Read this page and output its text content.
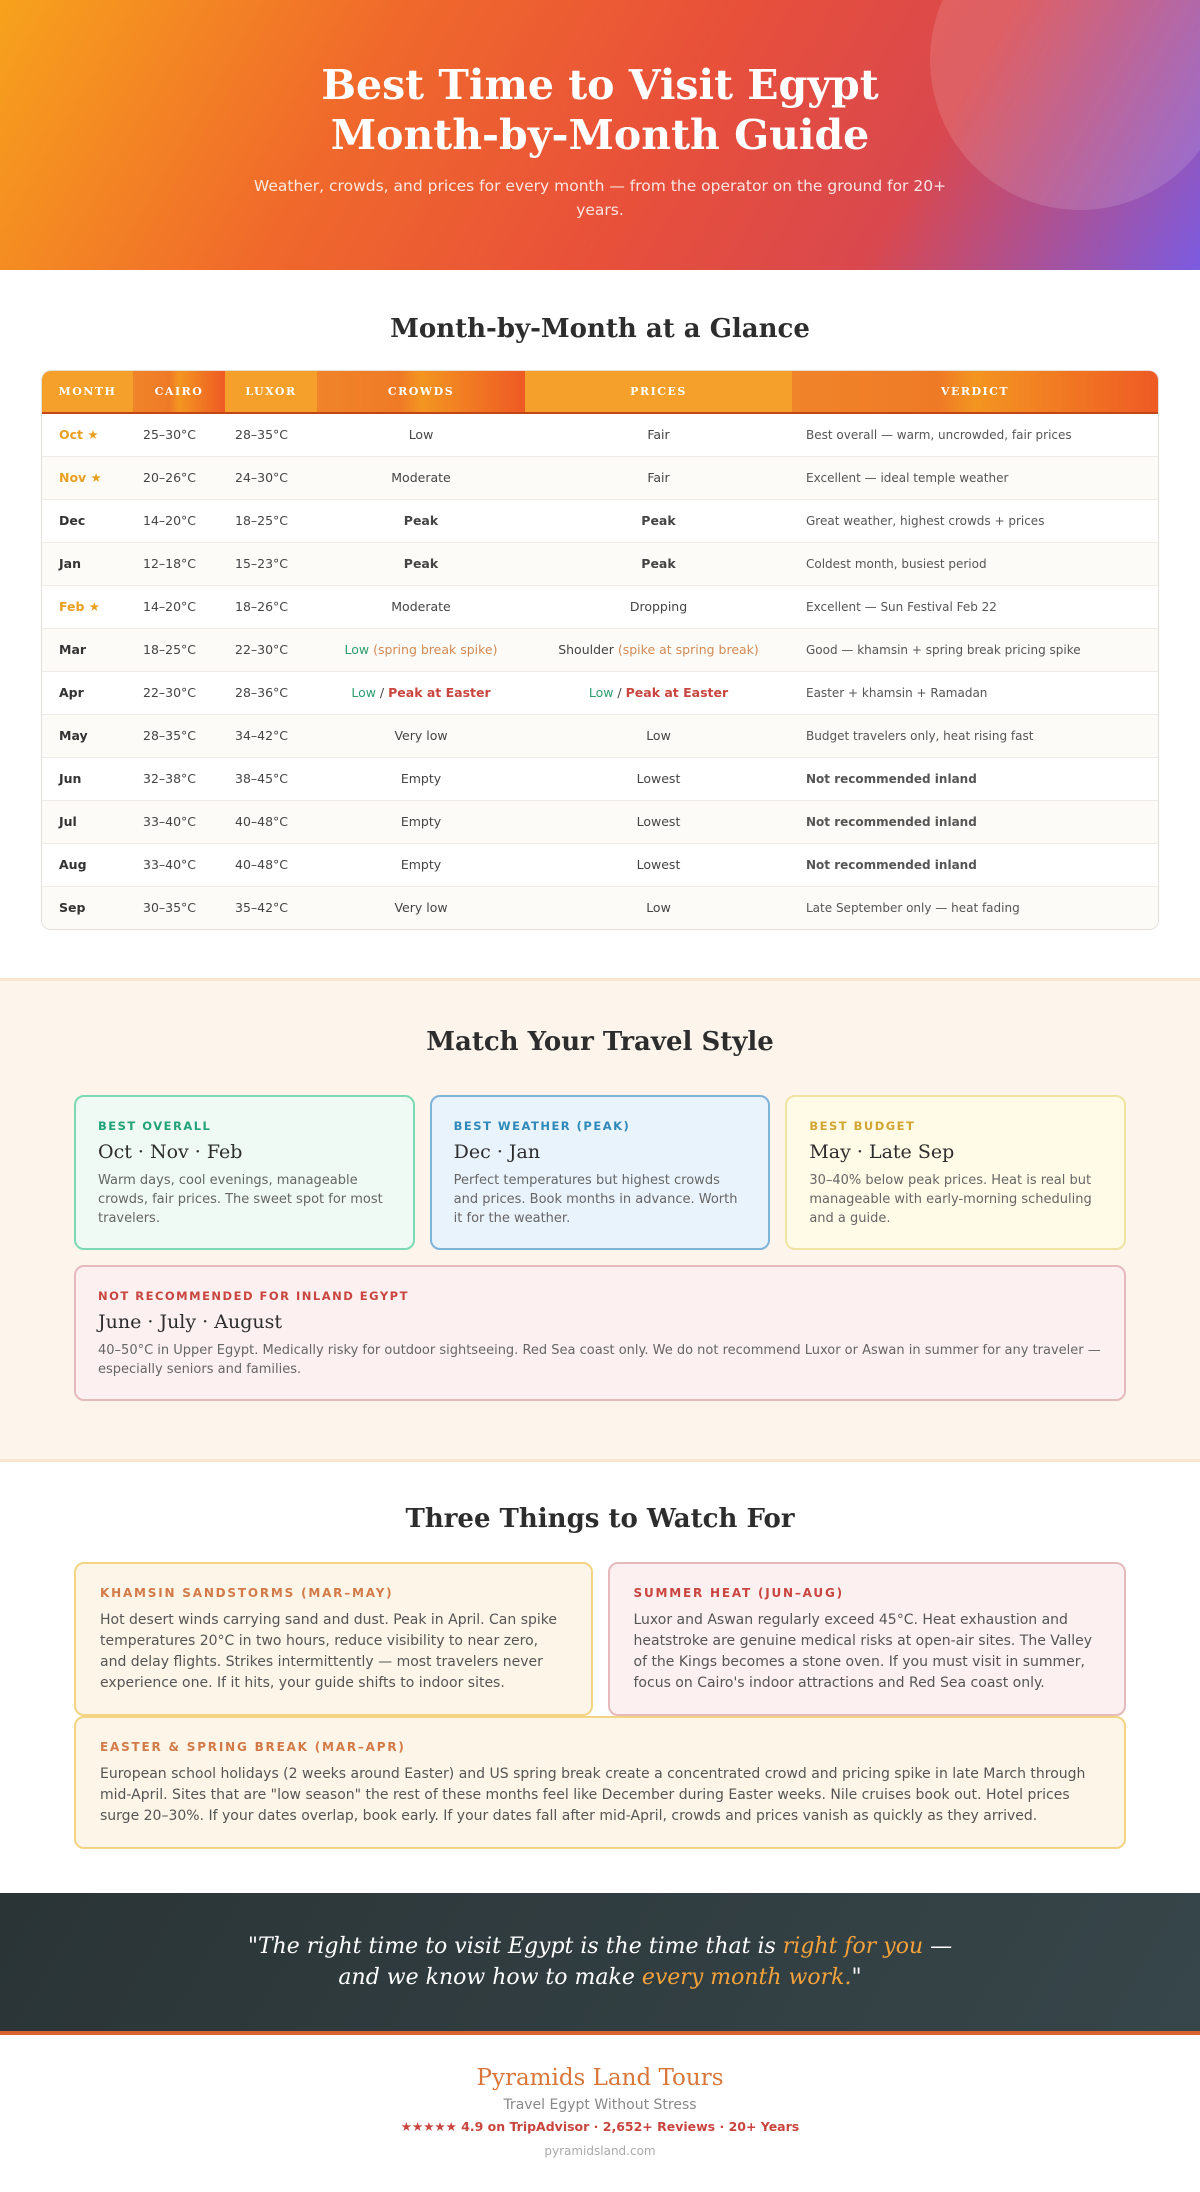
Best Time to Visit Egypt
Month-by-Month Guide

Weather, crowds, and prices for every month — from the operator on the ground for 20+ years.

Month-by-Month at a Glance
MONTH	CAIRO	LUXOR	CROWDS	PRICES	VERDICT
Oct ★	25–30°C	28–35°C	Low	Fair	Best overall — warm, uncrowded, fair prices
Nov ★	20–26°C	24–30°C	Moderate	Fair	Excellent — ideal temple weather
Dec	14–20°C	18–25°C	Peak	Peak	Great weather, highest crowds + prices
Jan	12–18°C	15–23°C	Peak	Peak	Coldest month, busiest period
Feb ★	14–20°C	18–26°C	Moderate	Dropping	Excellent — Sun Festival Feb 22
Mar	18–25°C	22–30°C	Low (spring break spike)	Shoulder (spike at spring break)	Good — khamsin + spring break pricing spike
Apr	22–30°C	28–36°C	Low / Peak at Easter	Low / Peak at Easter	Easter + khamsin + Ramadan
May	28–35°C	34–42°C	Very low	Low	Budget travelers only, heat rising fast
Jun	32–38°C	38–45°C	Empty	Lowest	Not recommended inland
Jul	33–40°C	40–48°C	Empty	Lowest	Not recommended inland
Aug	33–40°C	40–48°C	Empty	Lowest	Not recommended inland
Sep	30–35°C	35–42°C	Very low	Low	Late September only — heat fading
Match Your Travel Style
BEST OVERALL
Oct · Nov · Feb
Warm days, cool evenings, manageable crowds, fair prices. The sweet spot for most travelers.
BEST WEATHER (PEAK)
Dec · Jan
Perfect temperatures but highest crowds and prices. Book months in advance. Worth it for the weather.
BEST BUDGET
May · Late Sep
30–40% below peak prices. Heat is real but manageable with early-morning scheduling and a guide.
NOT RECOMMENDED FOR INLAND EGYPT
June · July · August
40–50°C in Upper Egypt. Medically risky for outdoor sightseeing. Red Sea coast only. We do not recommend Luxor or Aswan in summer for any traveler — especially seniors and families.
Three Things to Watch For
KHAMSIN SANDSTORMS (MAR–MAY)
Hot desert winds carrying sand and dust. Peak in April. Can spike temperatures 20°C in two hours, reduce visibility to near zero, and delay flights. Strikes intermittently — most travelers never experience one. If it hits, your guide shifts to indoor sites.
SUMMER HEAT (JUN–AUG)
Luxor and Aswan regularly exceed 45°C. Heat exhaustion and heatstroke are genuine medical risks at open-air sites. The Valley of the Kings becomes a stone oven. If you must visit in summer, focus on Cairo's indoor attractions and Red Sea coast only.
EASTER & SPRING BREAK (MAR–APR)
European school holidays (2 weeks around Easter) and US spring break create a concentrated crowd and pricing spike in late March through mid-April. Sites that are "low season" the rest of these months feel like December during Easter weeks. Nile cruises book out. Hotel prices surge 20–30%. If your dates overlap, book early. If your dates fall after mid-April, crowds and prices vanish as quickly as they arrived.

"The right time to visit Egypt is the time that is right for you —
and we know how to make every month work."

Pyramids Land Tours
Travel Egypt Without Stress
★★★★★ 4.9 on TripAdvisor · 2,652+ Reviews · 20+ Years
pyramidsland.com
